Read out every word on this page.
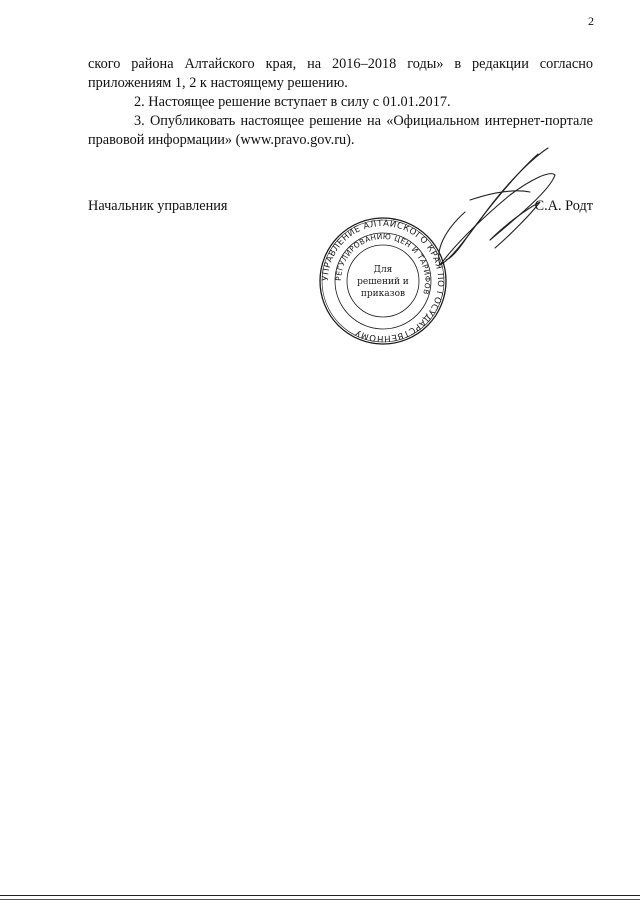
2

ского района Алтайского края, на 2016–2018 годы» в редакции согласно приложениям 1, 2 к настоящему решению.

2. Настоящее решение вступает в силу с 01.01.2017.

3. Опубликовать настоящее решение на «Официальном интернет-портале правовой информации» (www.pravo.gov.ru).

Начальник управления	С.А. Родт
УПРАВЛЕНИЕ АЛТАЙСКОГО КРАЯ ПО ГОСУДАРСТВЕННОМУ
РЕГУЛИРОВАНИЮ ЦЕН И ТАРИФОВ
Для
решений и
приказов
